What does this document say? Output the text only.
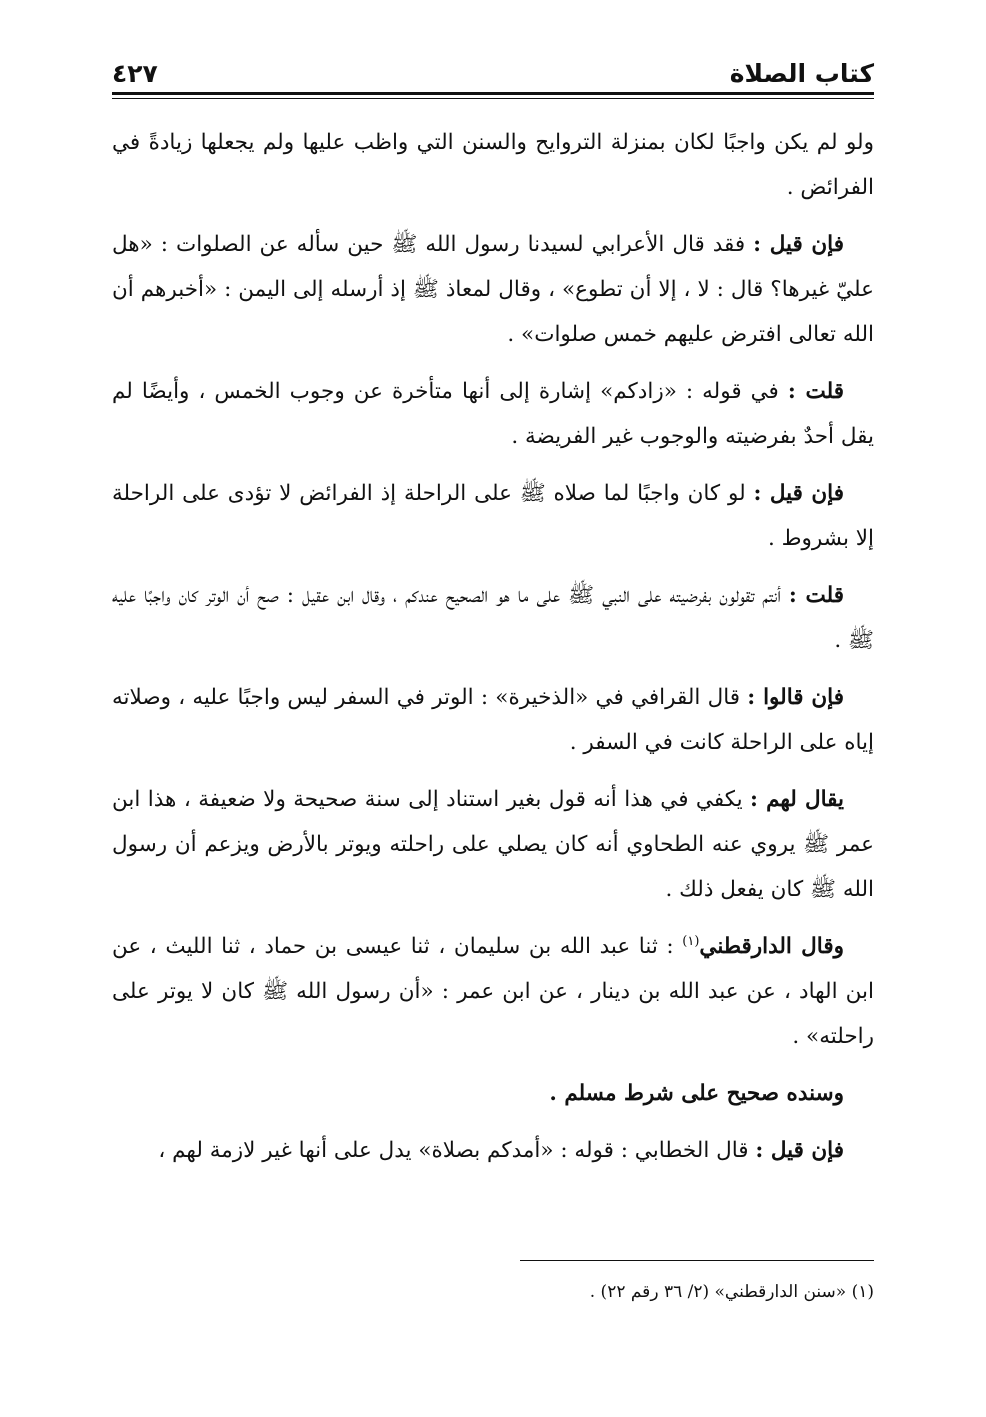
كتاب الصلاة
٤٢٧

ولو لم يكن واجبًا لكان بمنزلة التروايح والسنن التي واظب عليها ولم يجعلها زيادةً في الفرائض .

فإن قيل : فقد قال الأعرابي لسيدنا رسول الله ﷺ حين سأله عن الصلوات : «هل عليّ غيرها؟ قال : لا ، إلا أن تطوع» ، وقال لمعاذ ﷺ إذ أرسله إلى اليمن : «أخبرهم أن الله تعالى افترض عليهم خمس صلوات» .

قلت : في قوله : «زادكم» إشارة إلى أنها متأخرة عن وجوب الخمس ، وأيضًا لم يقل أحدٌ بفرضيته والوجوب غير الفريضة .

فإن قيل : لو كان واجبًا لما صلاه ﷺ على الراحلة إذ الفرائض لا تؤدى على الراحلة إلا بشروط .

قلت : أنتم تقولون بفرضيته على النبي ﷺ على ما هو الصحيح عندكم ، وقال ابن عقيل : صح أن الوتر كان واجبًا عليه ﷺ .

فإن قالوا : قال القرافي في «الذخيرة» : الوتر في السفر ليس واجبًا عليه ، وصلاته إياه على الراحلة كانت في السفر .

يقال لهم : يكفي في هذا أنه قول بغير استناد إلى سنة صحيحة ولا ضعيفة ، هذا ابن عمر ﷺ يروي عنه الطحاوي أنه كان يصلي على راحلته ويوتر بالأرض ويزعم أن رسول الله ﷺ كان يفعل ذلك .

وقال الدارقطني$^{(١)}$ : ثنا عبد الله بن سليمان ، ثنا عيسى بن حماد ، ثنا الليث ، عن ابن الهاد ، عن عبد الله بن دينار ، عن ابن عمر : «أن رسول الله ﷺ كان لا يوتر على راحلته» .

وسنده صحيح على شرط مسلم .

فإن قيل : قال الخطابي : قوله : «أمدكم بصلاة» يدل على أنها غير لازمة لهم ،

(١) «سنن الدارقطني» (٢/ ٣٦ رقم ٢٢) .
